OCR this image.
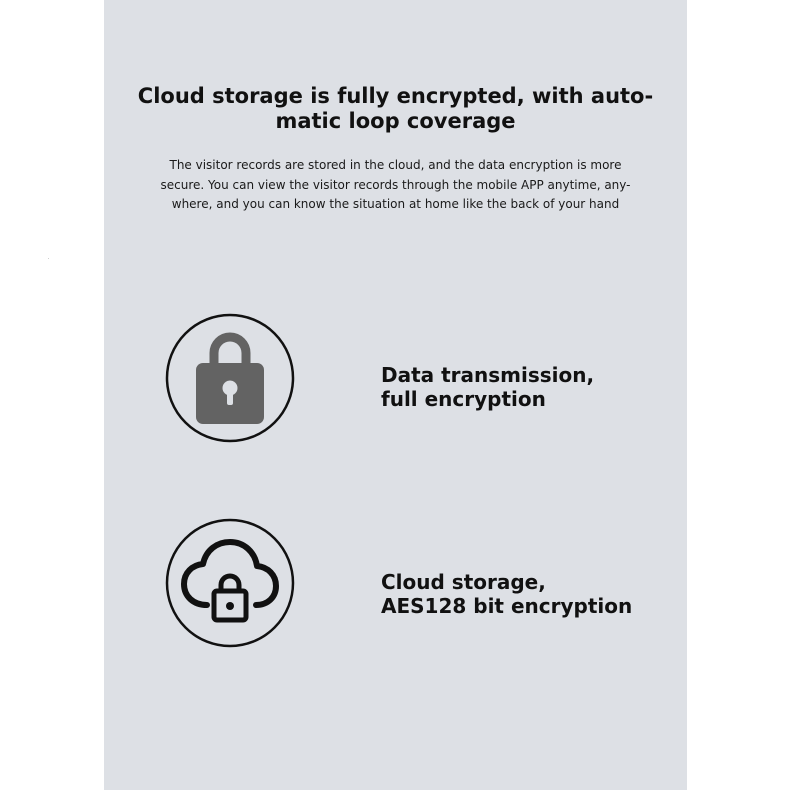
Cloud storage is fully encrypted, with auto-
matic loop coverage
The visitor records are stored in the cloud, and the data encryption is more
secure. You can view the visitor records through the mobile APP anytime, any-
where, and you can know the situation at home like the back of your hand
Data transmission,
full encryption
Cloud storage,
AES128 bit encryption
